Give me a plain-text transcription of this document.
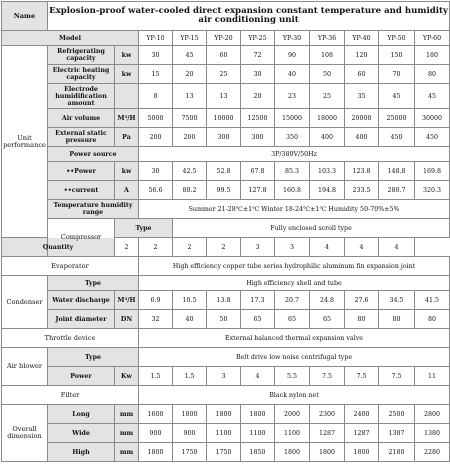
Name	Explosion-proof water-cooled direct expansion constant temperature and humidity air conditioning unit										
Model			YP-10	YP-15	YP-20	YP-25	YP-30	YP-36	YP-40	YP-50	YP-60
Unit performance	Refrigerating capacity	kw	30	45	60	72	90	108	120	150	180
	Electric heating capacity	kw	15	20	25	30	40	50	60	70	80
	Electrode humidification amount		8	13	13	20	23	25	35	45	45
	Air volume	M³/H	5000	7500	10000	12500	15000	18000	20000	25000	30000
	External static pressure	Pa	200	200	300	300	350	400	400	450	450
	Power source		3P/380V/50Hz								
	••Power	kw	30	42.5	52.8	67.8	85.3	103.3	123.8	148.8	169.8
	••current	A	56.6	80.2	99.5	127.8	160.8	194.8	233.5	280.7	320.3
	Temperature humidity range		Summer 21-28℃±1℃ Winter 18-24℃±1℃ Humidity 50-70%±5%								
	Compressor	Type		Fully enclosed scroll type							
Quantity		2	2	2	2	3	3	4	4	4	
Evaporator			High efficiency copper tube series hydrophilic aluminum fin expansion joint								
Condenser	Type		High efficiency shell and tube								
	Water discharge	M³/H	6.9	10.5	13.8	17.3	20.7	24.8	27.6	34.5	41.5
	Joint diameter	DN	32	40	50	65	65	65	80	80	80
Throttle device			External balanced thermal expansion valve								
Air blower	Type		Belt drive low noise centrifugal type								
	Power	Kw	1.5	1.5	3	4	5.5	7.5	7.5	7.5	11
Filter			Black nylon net								
Overall dimension	Long	mm	1600	1800	1800	1800	2000	2300	2400	2500	2800
	Wide	mm	900	900	1100	1100	1100	1287	1287	1387	1380
	High	mm	1800	1750	1750	1850	1800	1800	1800	2180	2280
